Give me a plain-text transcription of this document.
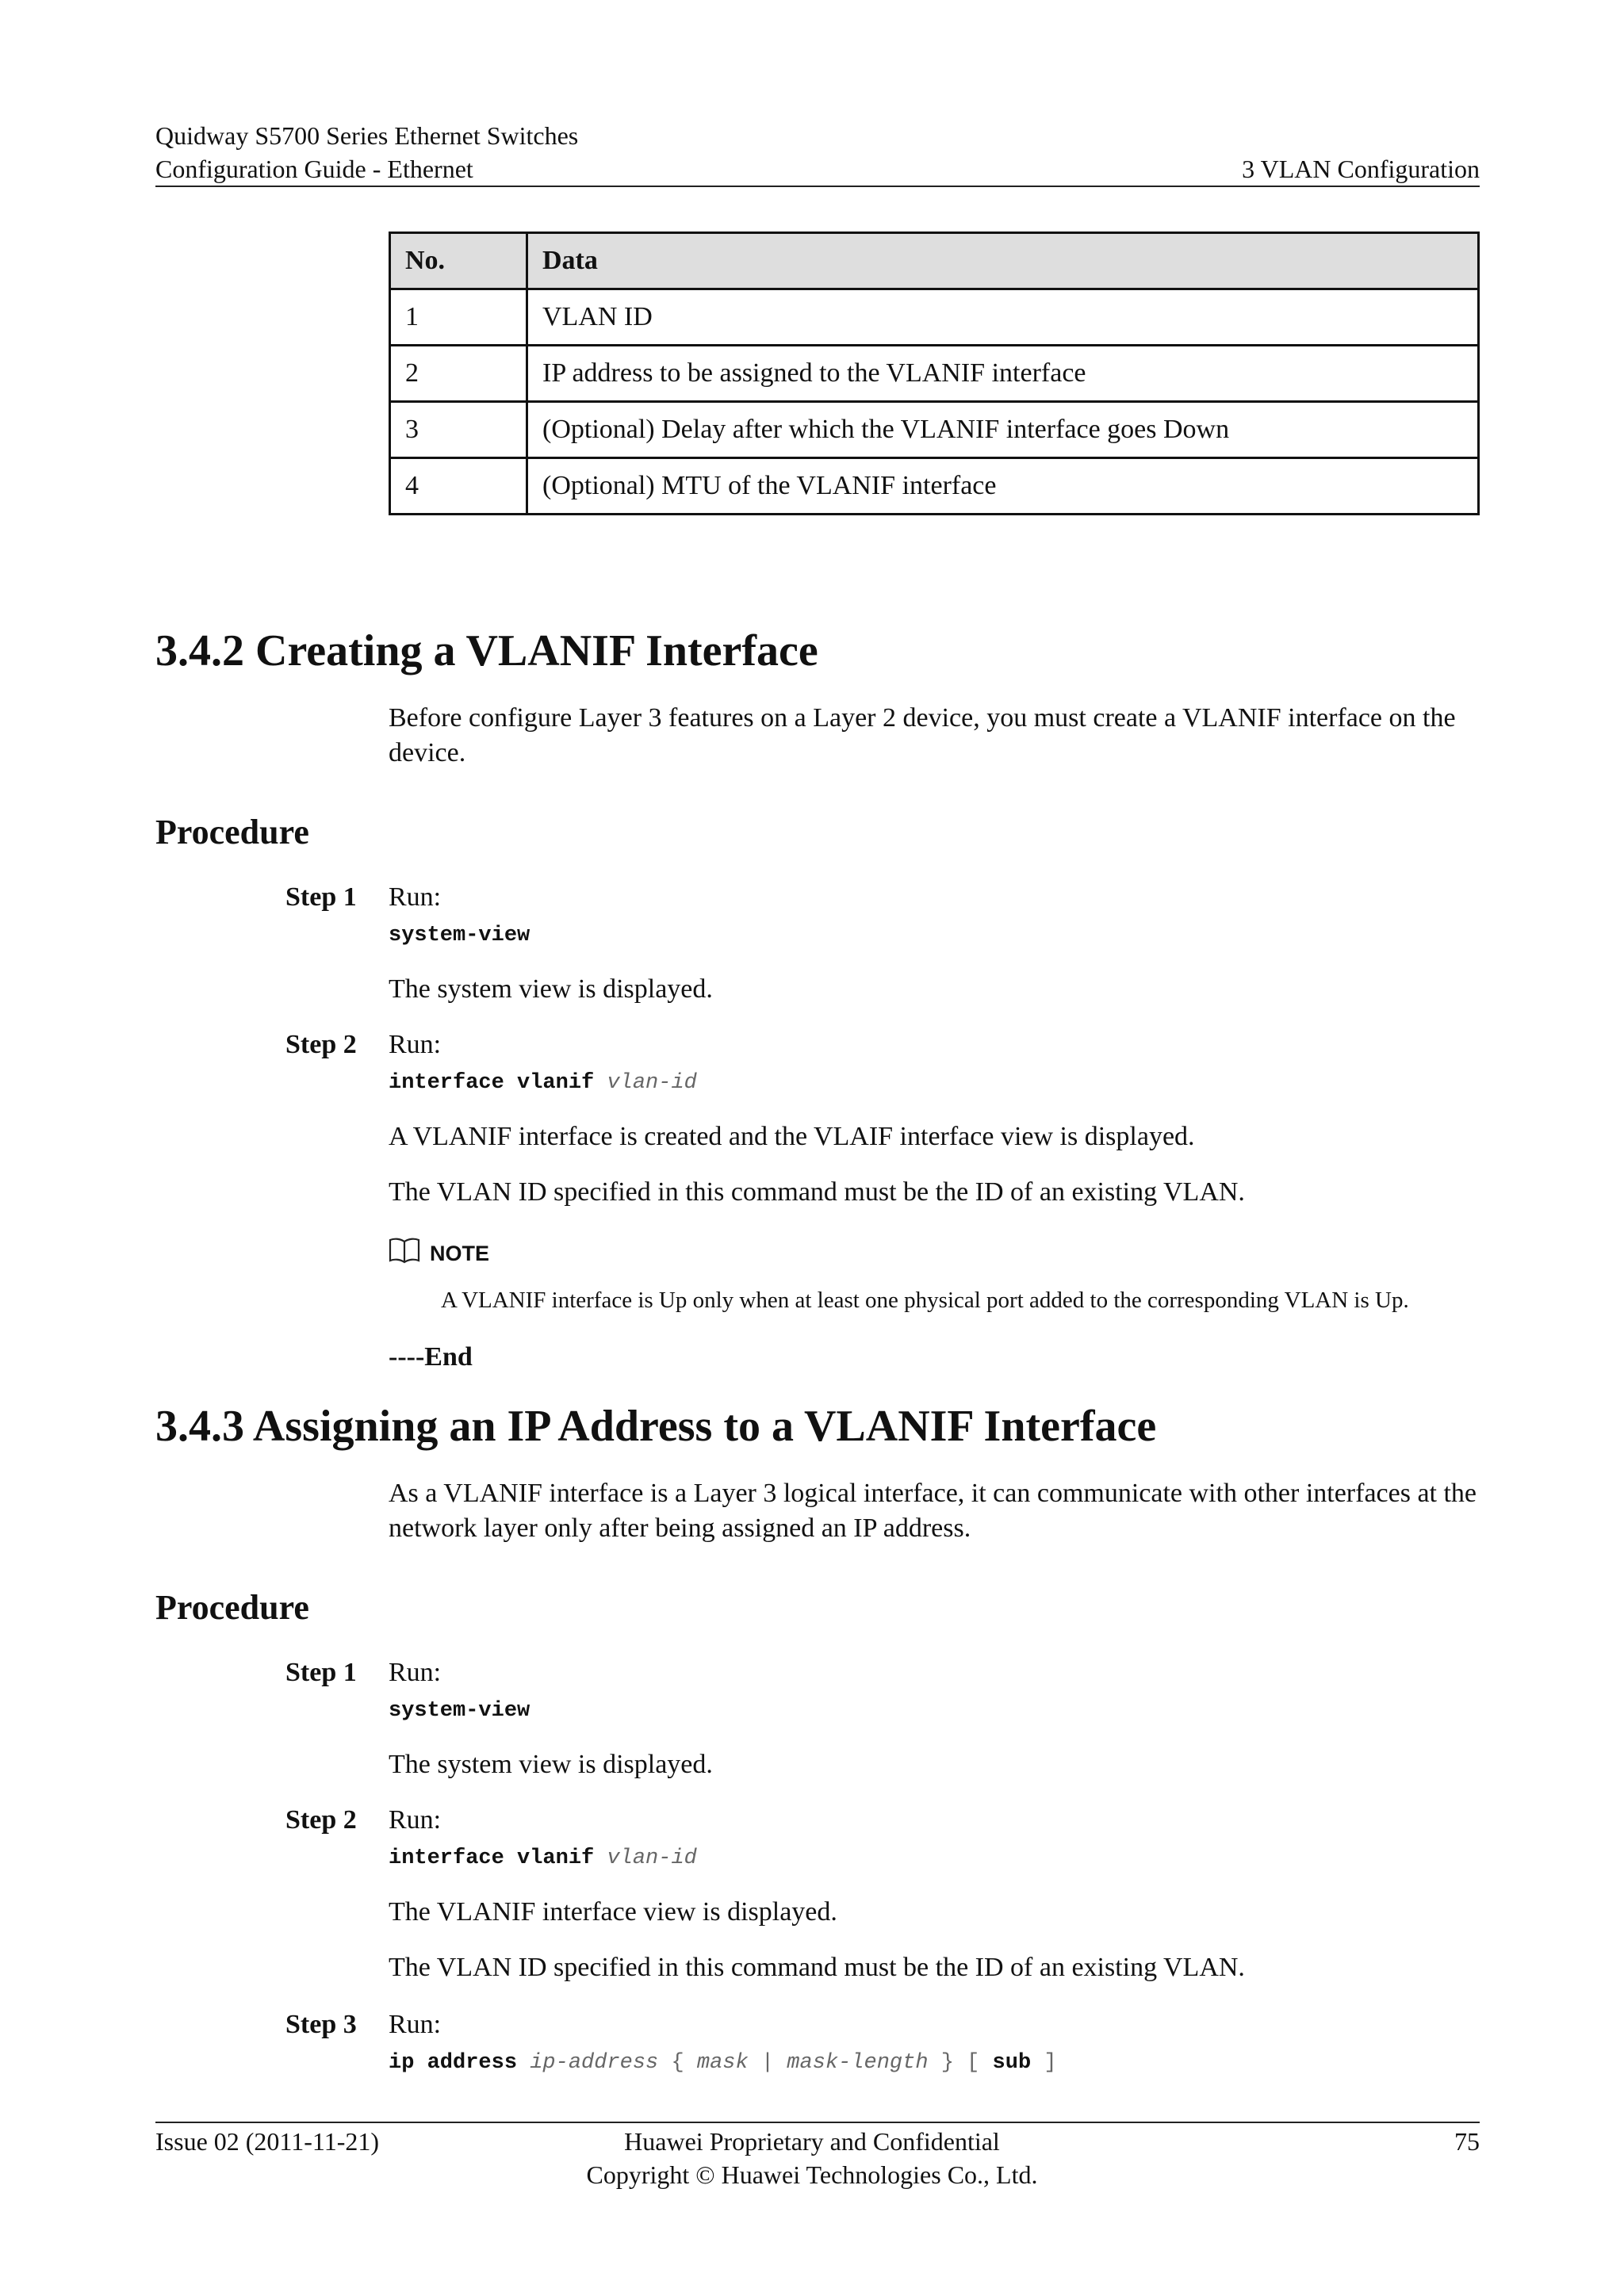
Quidway S5700 Series Ethernet Switches
Configuration Guide - Ethernet	3 VLAN Configuration
No.	Data
1	VLAN ID
2	IP address to be assigned to the VLANIF interface
3	(Optional) Delay after which the VLANIF interface goes Down
4	(Optional) MTU of the VLANIF interface
3.4.2 Creating a VLANIF Interface
Before configure Layer 3 features on a Layer 2 device, you must create a VLANIF interface on the device.
Procedure
Step 1 Run:
system-view
The system view is displayed.
Step 2 Run:
interface vlanif vlan-id
A VLANIF interface is created and the VLAIF interface view is displayed.
The VLAN ID specified in this command must be the ID of an existing VLAN.
NOTE
A VLANIF interface is Up only when at least one physical port added to the corresponding VLAN is Up.
----End
3.4.3 Assigning an IP Address to a VLANIF Interface
As a VLANIF interface is a Layer 3 logical interface, it can communicate with other interfaces at the network layer only after being assigned an IP address.
Procedure
Step 1 Run:
system-view
The system view is displayed.
Step 2 Run:
interface vlanif vlan-id
The VLANIF interface view is displayed.
The VLAN ID specified in this command must be the ID of an existing VLAN.
Step 3 Run:
ip address ip-address { mask | mask-length } [ sub ]
Issue 02 (2011-11-21)	Huawei Proprietary and Confidential
Copyright © Huawei Technologies Co., Ltd.
75
